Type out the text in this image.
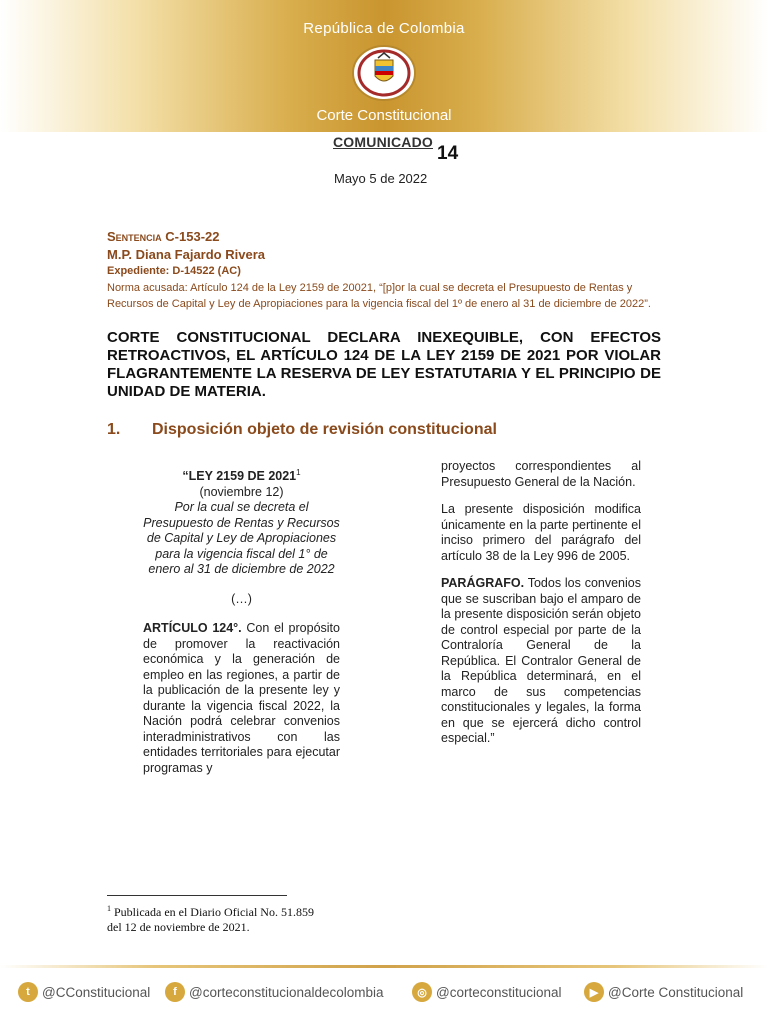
República de Colombia
Corte Constitucional
COMUNICADO
14
Mayo 5 de 2022
Sentencia C-153-22
M.P. Diana Fajardo Rivera
Expediente: D-14522 (AC)
Norma acusada: Artículo 124 de la Ley 2159 de 20021, “[p]or la cual se decreta el Presupuesto de Rentas y Recursos de Capital y Ley de Apropiaciones para la vigencia fiscal del 1º de enero al 31 de diciembre de 2022”.
CORTE CONSTITUCIONAL DECLARA INEXEQUIBLE, CON EFECTOS RETROACTIVOS, EL ARTÍCULO 124 DE LA LEY 2159 DE 2021 POR VIOLAR FLAGRANTEMENTE LA RESERVA DE LEY ESTATUTARIA Y EL PRINCIPIO DE UNIDAD DE MATERIA.
1. Disposición objeto de revisión constitucional
“LEY 2159 DE 2021$^1$
(noviembre 12)
Por la cual se decreta el Presupuesto de Rentas y Recursos de Capital y Ley de Apropiaciones para la vigencia fiscal del 1° de enero al 31 de diciembre de 2022
(…)
ARTÍCULO 124°. Con el propósito de promover la reactivación económica y la generación de empleo en las regiones, a partir de la publicación de la presente ley y durante la vigencia fiscal 2022, la Nación podrá celebrar convenios interadministrativos con las entidades territoriales para ejecutar programas y
proyectos correspondientes al Presupuesto General de la Nación.
La presente disposición modifica únicamente en la parte pertinente el inciso primero del parágrafo del artículo 38 de la Ley 996 de 2005.
PARÁGRAFO. Todos los convenios que se suscriban bajo el amparo de la presente disposición serán objeto de control especial por parte de la Contraloría General de la República. El Contralor General de la República determinará, en el marco de sus competencias constitucionales y legales, la forma en que se ejercerá dicho control especial.”
$^1$ Publicada en el Diario Oficial No. 51.859 del 12 de noviembre de 2021.
t @CConstitucional	f @corteconstitucionaldecolombia	◎ @corteconstitucional	▶ @Corte Constitucional
